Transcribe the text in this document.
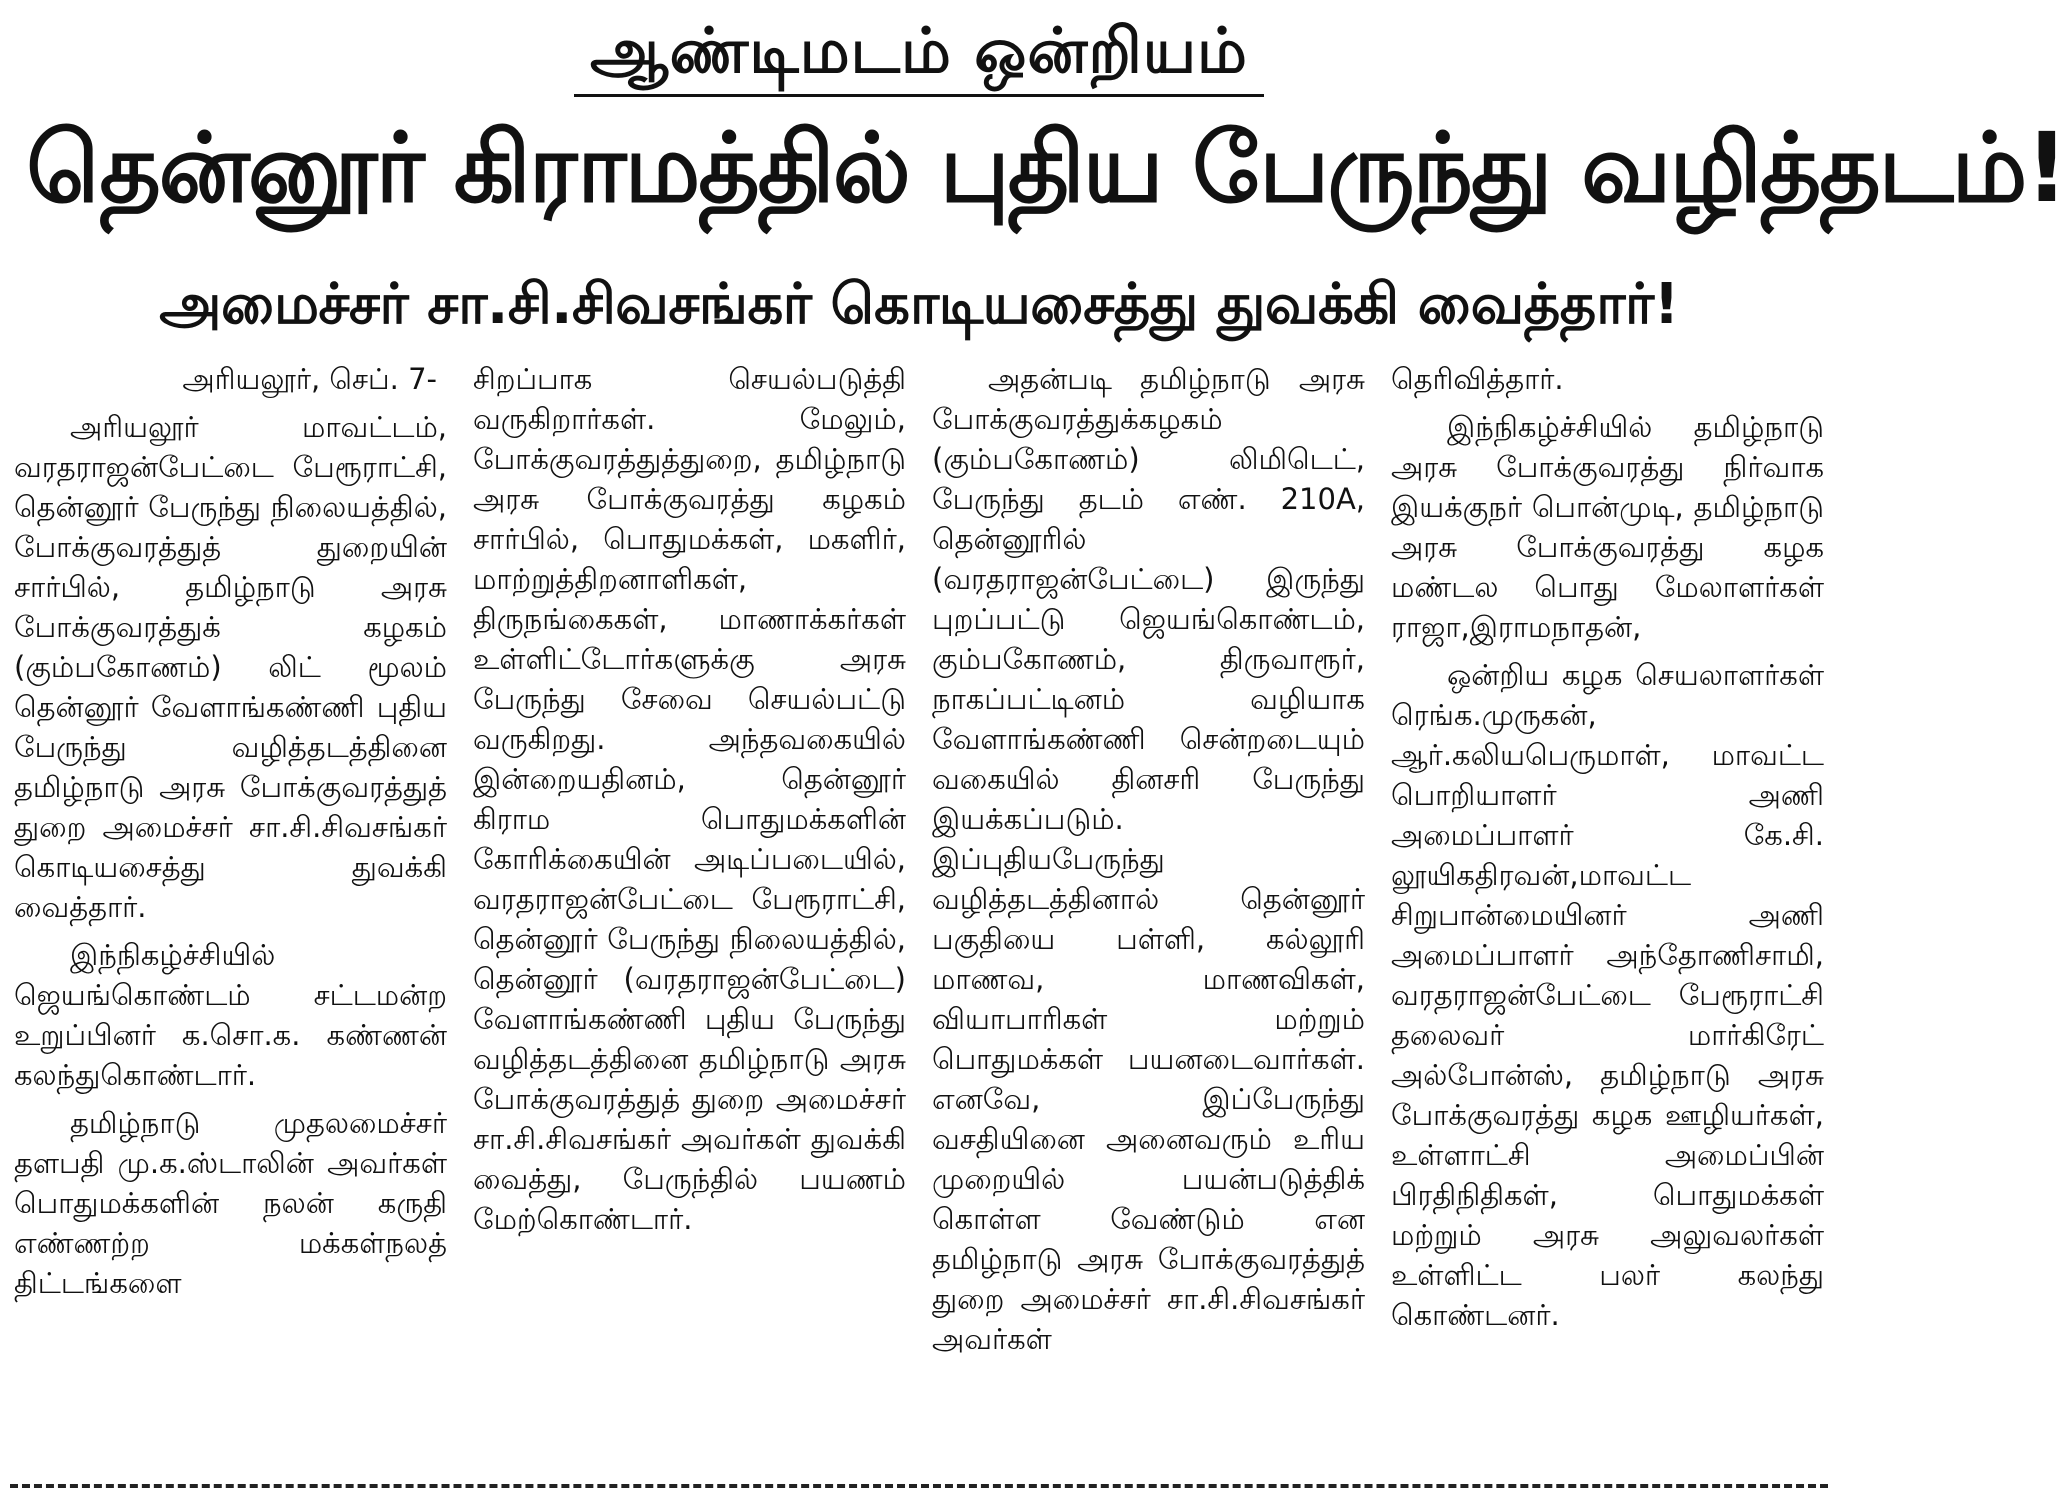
ஆண்டிமடம் ஒன்றியம்
தென்னூர் கிராமத்தில் புதிய பேருந்து வழித்தடம்!
அமைச்சர் சா.சி.சிவசங்கர் கொடியசைத்து துவக்கி வைத்தார்!

அரியலூர், செப். 7-

அரியலூர் மாவட்டம், வரதராஜன்பேட்டை பேரூராட்சி, தென்னூர் பேருந்து நிலையத்தில், போக்குவரத்துத் துறையின் சார்பில், தமிழ்நாடு அரசு போக்குவரத்துக் கழகம் (கும்பகோணம்) லிட் மூலம் தென்னூர் வேளாங்கண்ணி புதிய பேருந்து வழித்தடத்தினை தமிழ்நாடு அரசு போக்குவரத்துத் துறை அமைச்சர் சா.சி.சிவசங்கர் கொடியசைத்து துவக்கி வைத்தார்.

இந்நிகழ்ச்சியில் ஜெயங்கொண்டம் சட்டமன்ற உறுப்பினர் க.சொ.க. கண்ணன் கலந்துகொண்டார்.

தமிழ்நாடு முதலமைச்சர் தளபதி மு.க.ஸ்டாலின் அவர்கள் பொதுமக்களின் நலன் கருதி எண்ணற்ற மக்கள்நலத் திட்டங்களை

சிறப்பாக செயல்படுத்தி வருகிறார்கள். மேலும், போக்குவரத்துத்துறை, தமிழ்நாடு அரசு போக்குவரத்து கழகம் சார்பில், பொதுமக்கள், மகளிர், மாற்றுத்திறனாளிகள், திருநங்கைகள், மாணாக்கர்கள் உள்ளிட்டோர்களுக்கு அரசு பேருந்து சேவை செயல்பட்டு வருகிறது. அந்தவகையில் இன்றையதினம், தென்னூர் கிராம பொதுமக்களின் கோரிக்கையின் அடிப்படையில், வரதராஜன்பேட்டை பேரூராட்சி, தென்னூர் பேருந்து நிலையத்தில், தென்னூர் (வரதராஜன்பேட்டை) வேளாங்கண்ணி புதிய பேருந்து வழித்தடத்தினை தமிழ்நாடு அரசு போக்குவரத்துத் துறை அமைச்சர் சா.சி.சிவசங்கர் அவர்கள் துவக்கி வைத்து, பேருந்தில் பயணம் மேற்கொண்டார்.

அதன்படி தமிழ்நாடு அரசு போக்குவரத்துக்கழகம் (கும்பகோணம்) லிமிடெட், பேருந்து தடம் எண். 210A, தென்னூரில் (வரதராஜன்பேட்டை) இருந்து புறப்பட்டு ஜெயங்கொண்டம், கும்பகோணம், திருவாரூர், நாகப்பட்டினம் வழியாக வேளாங்கண்ணி சென்றடையும் வகையில் தினசரி பேருந்து இயக்கப்படும். இப்புதியபேருந்து வழித்தடத்தினால் தென்னூர் பகுதியை பள்ளி, கல்லூரி மாணவ, மாணவிகள், வியாபாரிகள் மற்றும் பொதுமக்கள் பயனடைவார்கள். எனவே, இப்பேருந்து வசதியினை அனைவரும் உரிய முறையில் பயன்படுத்திக் கொள்ள வேண்டும் என தமிழ்நாடு அரசு போக்குவரத்துத் துறை அமைச்சர் சா.சி.சிவசங்கர் அவர்கள்

தெரிவித்தார்.

இந்நிகழ்ச்சியில் தமிழ்நாடு அரசு போக்குவரத்து நிர்வாக இயக்குநர் பொன்முடி, தமிழ்நாடு அரசு போக்குவரத்து கழக மண்டல பொது மேலாளர்கள் ராஜா,இராமநாதன்,

ஒன்றிய கழக செயலாளர்கள் ரெங்க.முருகன், ஆர்.கலியபெருமாள், மாவட்ட பொறியாளர் அணி அமைப்பாளர் கே.சி. லூயிகதிரவன்,மாவட்ட சிறுபான்மையினர் அணி அமைப்பாளர் அந்தோணிசாமி, வரதராஜன்பேட்டை பேரூராட்சி தலைவர் மார்கிரேட் அல்போன்ஸ், தமிழ்நாடு அரசு போக்குவரத்து கழக ஊழியர்கள், உள்ளாட்சி அமைப்பின் பிரதிநிதிகள், பொதுமக்கள் மற்றும் அரசு அலுவலர்கள் உள்ளிட்ட பலர் கலந்து கொண்டனர்.
